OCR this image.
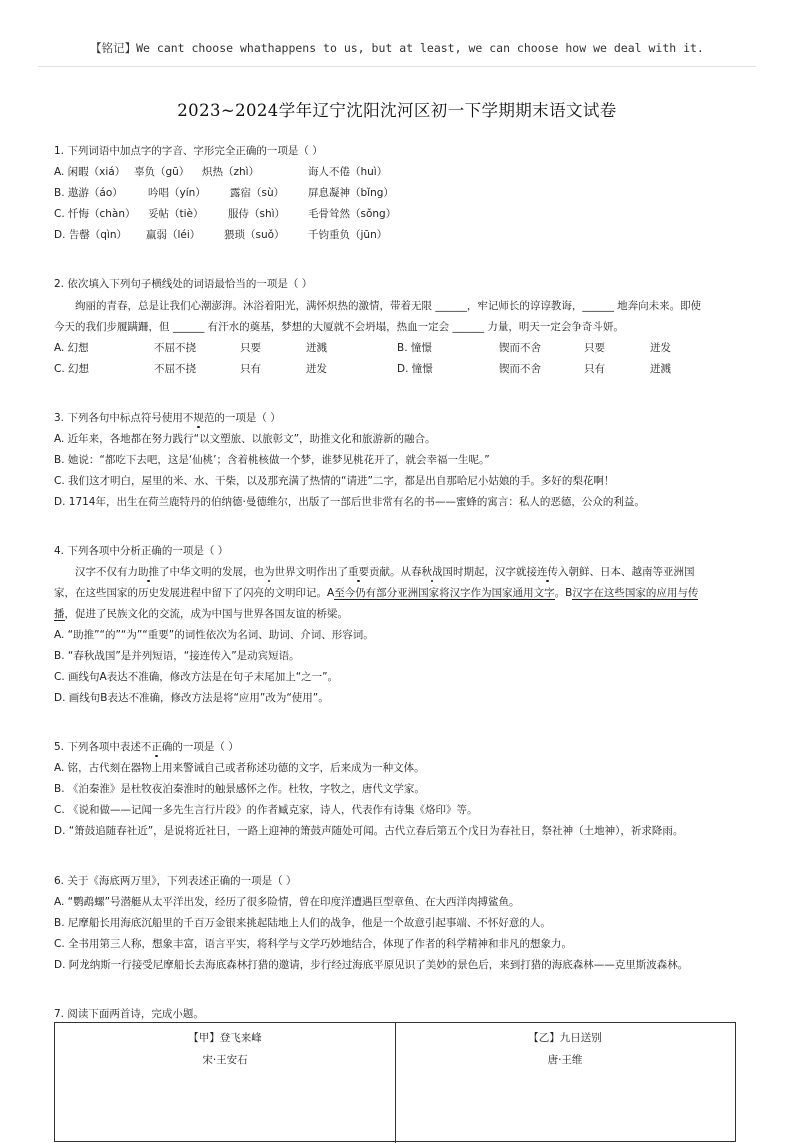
【铭记】We cant choose whathappens to us, but at least, we can choose how we deal with it.
2023~2024学年辽宁沈阳沈河区初一下学期期末语文试卷
1. 下列词语中加点字的字音、字形完全正确的一项是（ ）
A. 闲暇（xiá） 辜负（gū） 炽热（zhì）	诲人不倦（huì）
B. 遨游（áo） 吟唱（yín） 露宿（sù） 屏息凝神（bǐng）
C. 忏悔（chàn） 妥帖（tiè） 服侍（shì） 毛骨耸然（sǒng）
D. 告罄（qìn） 羸弱（léi） 猥琐（suǒ） 千钧重负（jūn）
2. 依次填入下列句子横线处的词语最恰当的一项是（ ）
绚丽的青春，总是让我们心潮澎湃。沐浴着阳光，满怀炽热的激情，带着无限 ______，牢记师长的谆谆教诲，______ 地奔向未来。即使
今天的我们步履蹒跚，但 ______ 有汗水的奠基，梦想的大厦就不会坍塌，热血一定会 ______ 力量，明天一定会争奇斗妍。
A. 幻想	不屈不挠	只要	迸溅	B. 憧憬	锲而不舍	只要	迸发
C. 幻想	不屈不挠	只有	迸发	D. 憧憬	锲而不舍	只有	迸溅
3. 下列各句中标点符号使用不规范的一项是（ ）
A. 近年来，各地都在努力践行“以文塑旅、以旅彰文”，助推文化和旅游新的融合。
B. 她说：“都吃下去吧，这是‘仙桃’；含着桃核做一个梦，谁梦见桃花开了，就会幸福一生呢。”
C. 我们这才明白，屋里的米、水、干柴，以及那充满了热情的“请进”二字，都是出自那哈尼小姑娘的手。多好的梨花啊！
D. 1714年，出生在荷兰鹿特丹的伯纳德·曼德维尔，出版了一部后世非常有名的书——蜜蜂的寓言：私人的恶德，公众的利益。
4. 下列各项中分析正确的一项是（ ）
汉字不仅有力助推了中华文明的发展，也为世界文明作出了重要贡献。从春秋战国时期起，汉字就接连传入朝鲜、日本、越南等亚洲国
家，在这些国家的历史发展进程中留下了闪亮的文明印记。A至今仍有部分亚洲国家将汉字作为国家通用文字。B汉字在这些国家的应用与传
播，促进了民族文化的交流，成为中国与世界各国友谊的桥梁。
A. “助推”“的”“为”“重要”的词性依次为名词、助词、介词、形容词。
B. “春秋战国”是并列短语，“接连传入”是动宾短语。
C. 画线句A表达不准确，修改方法是在句子末尾加上“之一”。
D. 画线句B表达不准确，修改方法是将“应用”改为“使用”。
5. 下列各项中表述不正确的一项是（ ）
A. 铭，古代刻在器物上用来警诫自己或者称述功德的文字，后来成为一种文体。
B. 《泊秦淮》是杜牧夜泊秦淮时的触景感怀之作。杜牧，字牧之，唐代文学家。
C. 《说和做——记闻一多先生言行片段》的作者臧克家，诗人，代表作有诗集《烙印》等。
D. “箫鼓追随春社近”，是说将近社日，一路上迎神的箫鼓声随处可闻。古代立春后第五个戊日为春社日，祭社神（土地神），祈求降雨。
6. 关于《海底两万里》，下列表述正确的一项是（ ）
A. “鹦鹉螺”号潜艇从太平洋出发，经历了很多险情，曾在印度洋遭遇巨型章鱼、在大西洋肉搏鲨鱼。
B. 尼摩船长用海底沉船里的千百万金银来挑起陆地上人们的战争，他是一个故意引起事端、不怀好意的人。
C. 全书用第三人称，想象丰富，语言平实，将科学与文学巧妙地结合，体现了作者的科学精神和非凡的想象力。
D. 阿龙纳斯一行接受尼摩船长去海底森林打猎的邀请，步行经过海底平原见识了美妙的景色后，来到打猎的海底森林——克里斯波森林。
7. 阅读下面两首诗，完成小题。
【甲】登飞来峰
宋·王安石
【乙】九日送别
唐·王维
